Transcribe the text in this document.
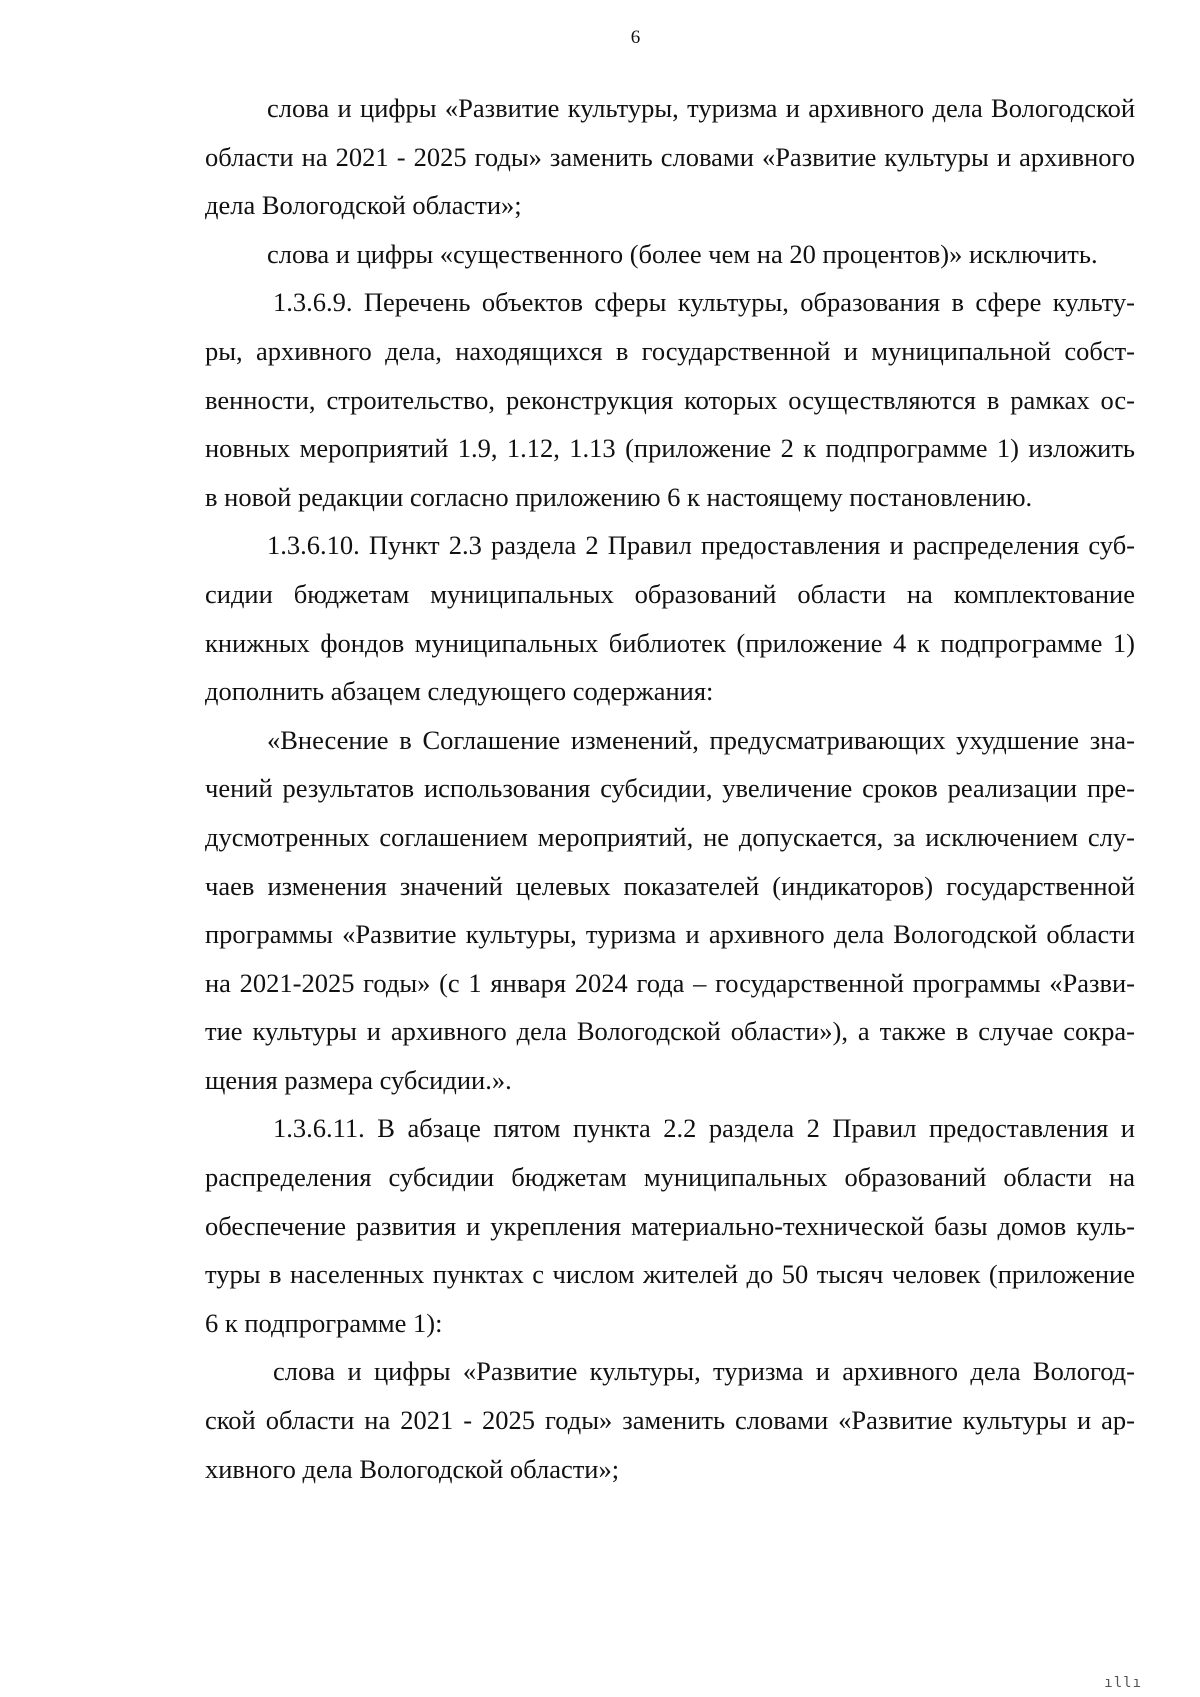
6
слова и цифры «Развитие культуры, туризма и архивного дела Вологодской
области на 2021 - 2025 годы» заменить словами «Развитие культуры и архивного
дела Вологодской области»;
слова и цифры «существенного (более чем на 20 процентов)» исключить.
1.3.6.9. Перечень объектов сферы культуры, образования в сфере культу-
ры, архивного дела, находящихся в государственной и муниципальной собст-
венности, строительство, реконструкция которых осуществляются в рамках ос-
новных мероприятий 1.9, 1.12, 1.13 (приложение 2 к подпрограмме 1) изложить
в новой редакции согласно приложению 6 к настоящему постановлению.
1.3.6.10. Пункт 2.3 раздела 2 Правил предоставления и распределения суб-
сидии бюджетам муниципальных образований области на комплектование
книжных фондов муниципальных библиотек (приложение 4 к подпрограмме 1)
дополнить абзацем следующего содержания:
«Внесение в Соглашение изменений, предусматривающих ухудшение зна-
чений результатов использования субсидии, увеличение сроков реализации пре-
дусмотренных соглашением мероприятий, не допускается, за исключением слу-
чаев изменения значений целевых показателей (индикаторов) государственной
программы «Развитие культуры, туризма и архивного дела Вологодской области
на 2021-2025 годы» (с 1 января 2024 года – государственной программы «Разви-
тие культуры и архивного дела Вологодской области»), а также в случае сокра-
щения размера субсидии.».
1.3.6.11. В абзаце пятом пункта 2.2 раздела 2 Правил предоставления и
распределения субсидии бюджетам муниципальных образований области на
обеспечение развития и укрепления материально-технической базы домов куль-
туры в населенных пунктах с числом жителей до 50 тысяч человек (приложение
6 к подпрограмме 1):
слова и цифры «Развитие культуры, туризма и архивного дела Вологод-
ской области на 2021 - 2025 годы» заменить словами «Развитие культуры и ар-
хивного дела Вологодской области»;
ıllı
